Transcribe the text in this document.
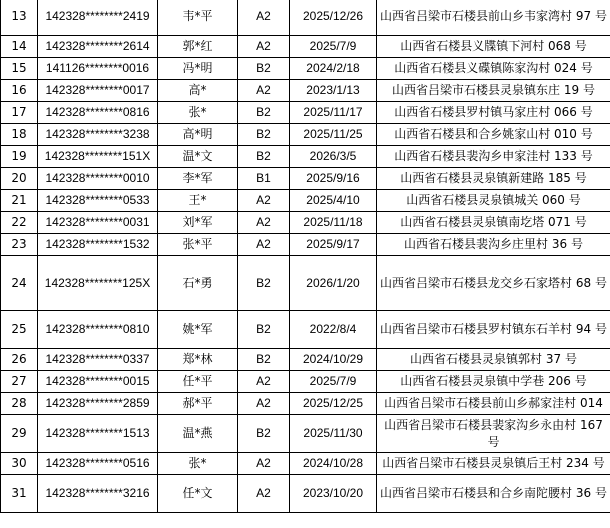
13	142328********2419	韦*平	A2	2025/12/26	山西省吕梁市石楼县前山乡韦家湾村 97 号
14	142328********2614	郭*红	A2	2025/7/9	山西省石楼县义牒镇下河村 068 号
15	141126********0016	冯*明	B2	2024/2/18	山西省石楼县义碟镇陈家沟村 024 号
16	142328********0017	高*	A2	2023/1/13	山西省吕梁市石楼县灵泉镇东庄 19 号
17	142328********0816	张*	B2	2025/11/17	山西省石楼县罗村镇马家庄村 066 号
18	142328********3238	高*明	B2	2025/11/25	山西省石楼县和合乡姚家山村 010 号
19	142328********151X	温*文	B2	2026/3/5	山西省石楼县裴沟乡申家洼村 133 号
20	142328********0010	李*军	B1	2025/9/16	山西省石楼县灵泉镇新建路 185 号
21	142328********0533	王*	A2	2025/4/10	山西省石楼县灵泉镇城关 060 号
22	142328********0031	刘*军	A2	2025/11/18	山西省石楼县灵泉镇南圪塔 071 号
23	142328********1532	张*平	A2	2025/9/17	山西省石楼县裴沟乡庄里村 36 号
24	142328********125X	石*勇	B2	2026/1/20	山西省吕梁市石楼县龙交乡石家塔村 68 号
25	142328********0810	姚*军	B2	2022/8/4	山西省吕梁市石楼县罗村镇东石羊村 94 号
26	142328********0337	郑*林	B2	2024/10/29	山西省石楼县灵泉镇郭村 37 号
27	142328********0015	任*平	A2	2025/7/9	山西省石楼县灵泉镇中学巷 206 号
28	142328********2859	郝*平	A2	2025/12/25	山西省吕梁市石楼县前山乡郝家洼村 014
29	142328********1513	温*燕	B2	2025/11/30	山西省吕梁市石楼县裴家沟乡永由村 167 号
30	142328********0516	张*	A2	2024/10/28	山西省吕梁市石楼县灵泉镇后王村 234 号
31	142328********3216	任*文	A2	2023/10/20	山西省吕梁市石楼县和合乡南陀腰村 36 号
